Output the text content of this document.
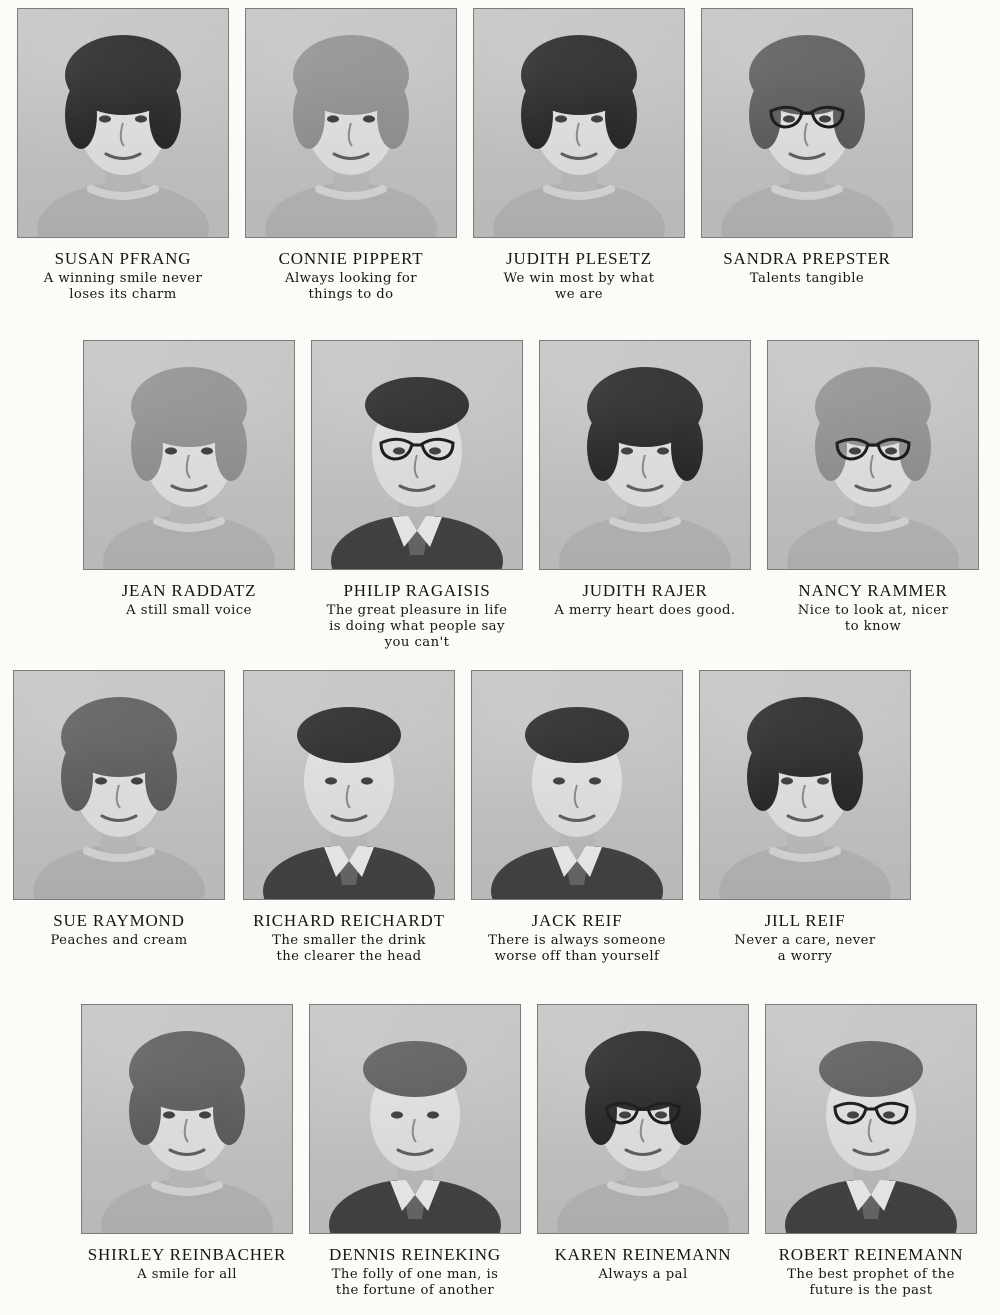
SUSAN PFRANG
A winning smile never
loses its charm
CONNIE PIPPERT
Always looking for
things to do
JUDITH PLESETZ
We win most by what
we are
SANDRA PREPSTER
Talents tangible
JEAN RADDATZ
A still small voice
PHILIP RAGAISIS
The great pleasure in life
is doing what people say
you can't
JUDITH RAJER
A merry heart does good.
NANCY RAMMER
Nice to look at, nicer
to know
SUE RAYMOND
Peaches and cream
RICHARD REICHARDT
The smaller the drink
the clearer the head
JACK REIF
There is always someone
worse off than yourself
JILL REIF
Never a care, never
a worry
SHIRLEY REINBACHER
A smile for all
DENNIS REINEKING
The folly of one man, is
the fortune of another
KAREN REINEMANN
Always a pal
ROBERT REINEMANN
The best prophet of the
future is the past
